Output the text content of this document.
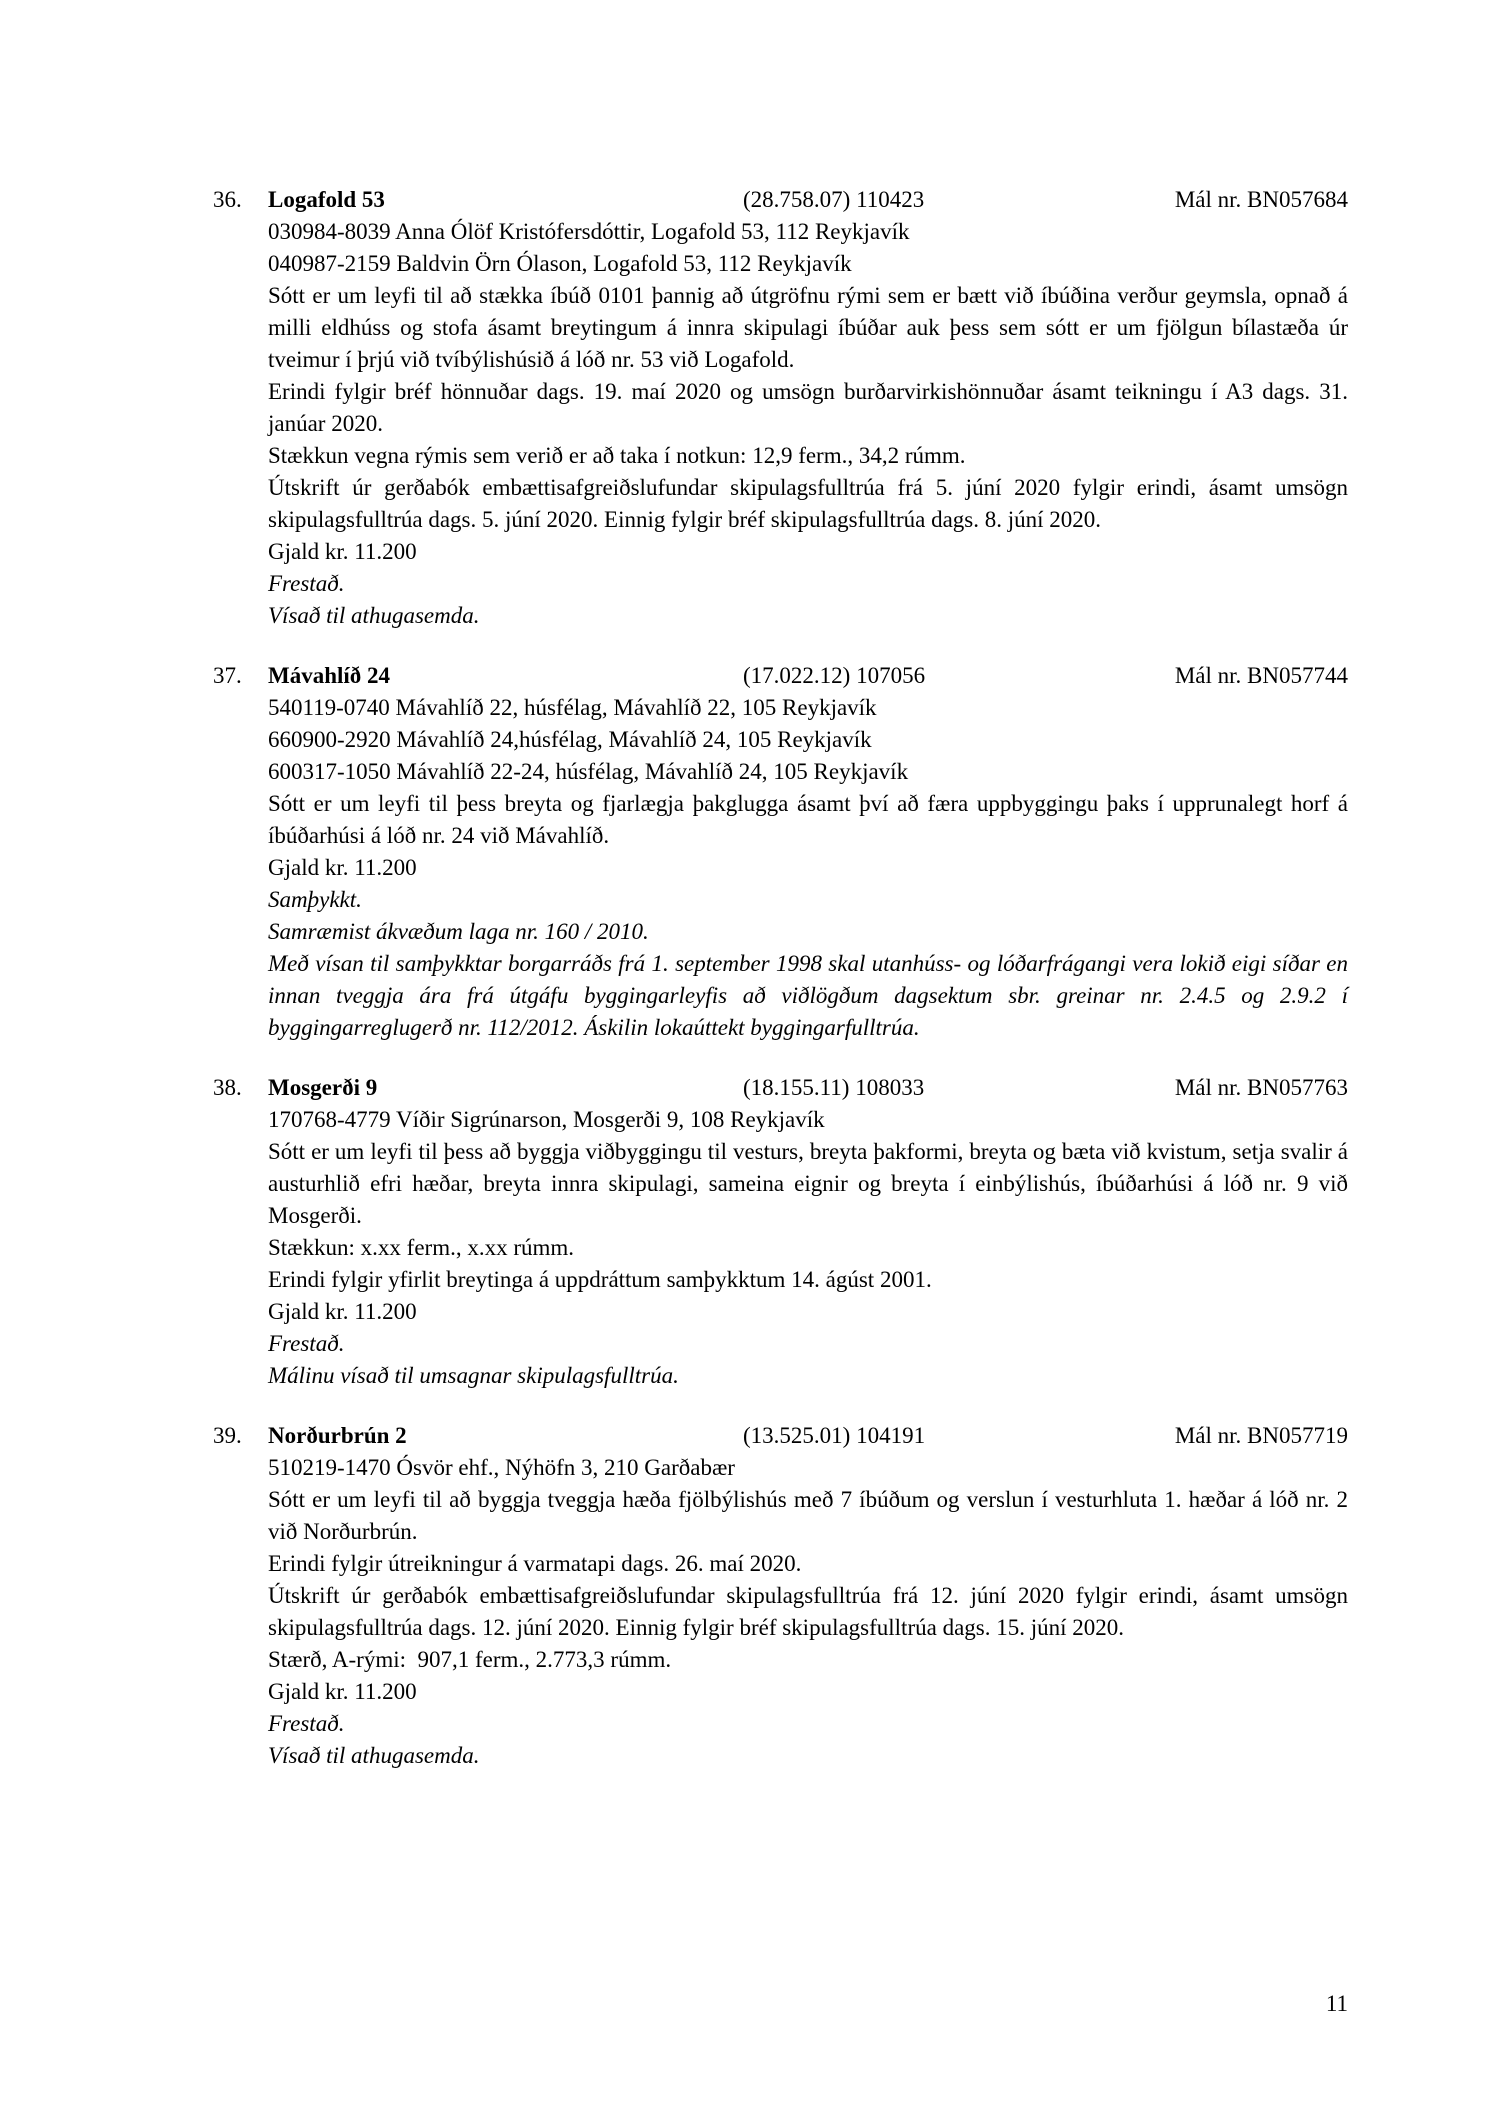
36.	Logafold 53	(28.758.07) 110423	Mál nr. BN057684

030984-8039 Anna Ólöf Kristófersdóttir, Logafold 53, 112 Reykjavík

040987-2159 Baldvin Örn Ólason, Logafold 53, 112 Reykjavík

Sótt er um leyfi til að stækka íbúð 0101 þannig að útgröfnu rými sem er bætt við íbúðina verður geymsla, opnað á milli eldhúss og stofa ásamt breytingum á innra skipulagi íbúðar auk þess sem sótt er um fjölgun bílastæða úr tveimur í þrjú við tvíbýlishúsið á lóð nr. 53 við Logafold.

Erindi fylgir bréf hönnuðar dags. 19. maí 2020 og umsögn burðarvirkishönnuðar ásamt teikningu í A3 dags. 31. janúar 2020.

Stækkun vegna rýmis sem verið er að taka í notkun: 12,9 ferm., 34,2 rúmm.

Útskrift úr gerðabók embættisafgreiðslufundar skipulagsfulltrúa frá 5. júní 2020 fylgir erindi, ásamt umsögn skipulagsfulltrúa dags. 5. júní 2020. Einnig fylgir bréf skipulagsfulltrúa dags. 8. júní 2020.

Gjald kr. 11.200

Frestað.

Vísað til athugasemda.

37.	Mávahlíð 24	(17.022.12) 107056	Mál nr. BN057744

540119-0740 Mávahlíð 22, húsfélag, Mávahlíð 22, 105 Reykjavík

660900-2920 Mávahlíð 24,húsfélag, Mávahlíð 24, 105 Reykjavík

600317-1050 Mávahlíð 22-24, húsfélag, Mávahlíð 24, 105 Reykjavík

Sótt er um leyfi til þess breyta og fjarlægja þakglugga ásamt því að færa uppbyggingu þaks í upprunalegt horf á íbúðarhúsi á lóð nr. 24 við Mávahlíð.

Gjald kr. 11.200

Samþykkt.

Samræmist ákvæðum laga nr. 160 / 2010.

Með vísan til samþykktar borgarráðs frá 1. september 1998 skal utanhúss- og lóðarfrágangi vera lokið eigi síðar en innan tveggja ára frá útgáfu byggingarleyfis að viðlögðum dagsektum sbr. greinar nr. 2.4.5 og 2.9.2 í byggingarreglugerð nr. 112/2012. Áskilin lokaúttekt byggingarfulltrúa.

38.	Mosgerði 9	(18.155.11) 108033	Mál nr. BN057763

170768-4779 Víðir Sigrúnarson, Mosgerði 9, 108 Reykjavík

Sótt er um leyfi til þess að byggja viðbyggingu til vesturs, breyta þakformi, breyta og bæta við kvistum, setja svalir á austurhlið efri hæðar, breyta innra skipulagi, sameina eignir og breyta í einbýlishús, íbúðarhúsi á lóð nr. 9 við Mosgerði.

Stækkun: x.xx ferm., x.xx rúmm.

Erindi fylgir yfirlit breytinga á uppdráttum samþykktum 14. ágúst 2001.

Gjald kr. 11.200

Frestað.

Málinu vísað til umsagnar skipulagsfulltrúa.

39.	Norðurbrún 2	(13.525.01) 104191	Mál nr. BN057719

510219-1470 Ósvör ehf., Nýhöfn 3, 210 Garðabær

Sótt er um leyfi til að byggja tveggja hæða fjölbýlishús með 7 íbúðum og verslun í vesturhluta 1. hæðar á lóð nr. 2 við Norðurbrún.

Erindi fylgir útreikningur á varmatapi dags. 26. maí 2020.

Útskrift úr gerðabók embættisafgreiðslufundar skipulagsfulltrúa frá 12. júní 2020 fylgir erindi, ásamt umsögn skipulagsfulltrúa dags. 12. júní 2020. Einnig fylgir bréf skipulagsfulltrúa dags. 15. júní 2020.

Stærð, A-rými:  907,1 ferm., 2.773,3 rúmm.

Gjald kr. 11.200

Frestað.

Vísað til athugasemda.

11
